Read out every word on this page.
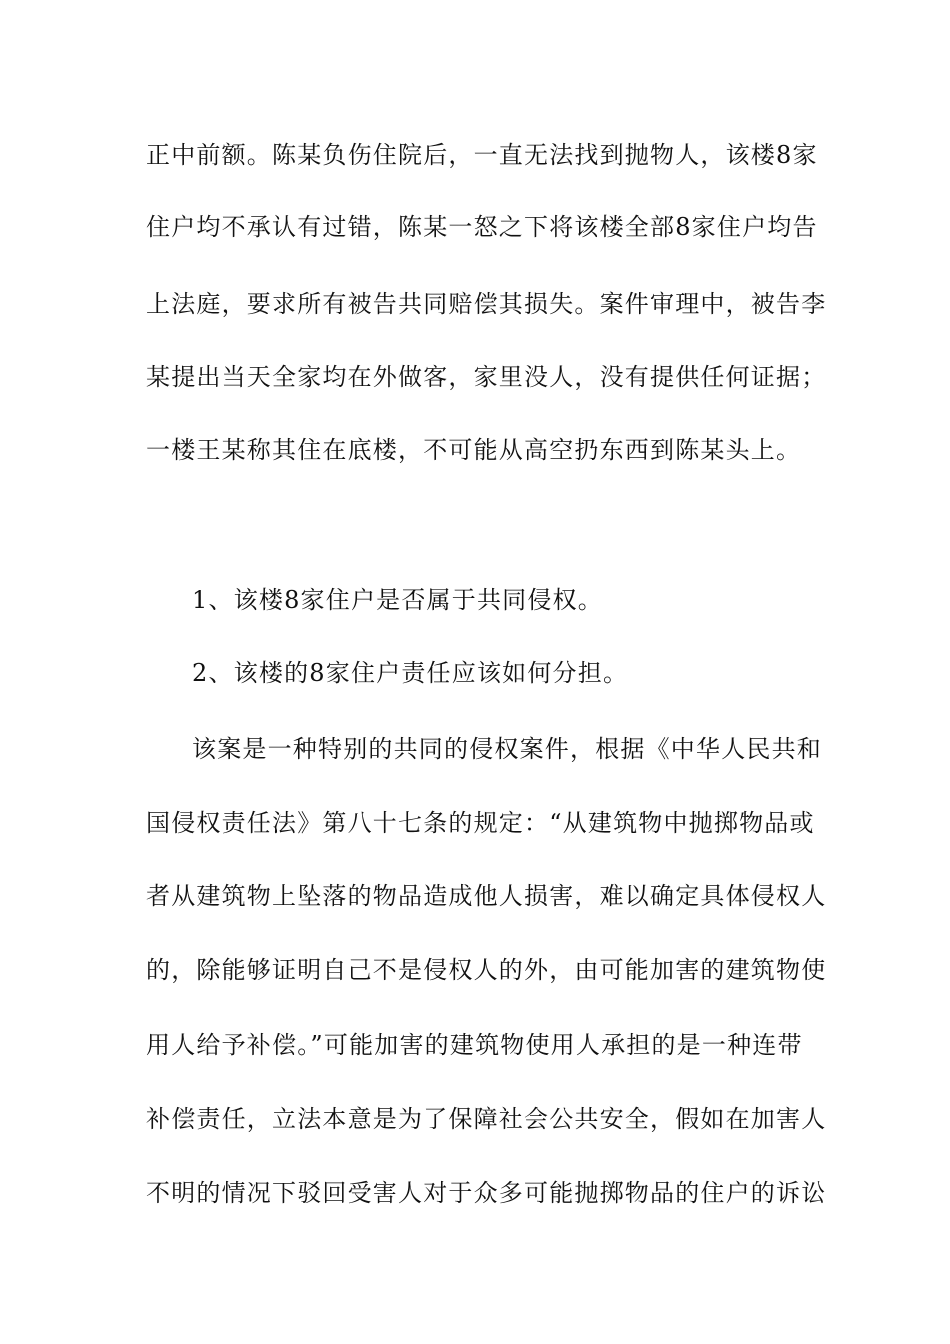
正中前额。陈某负伤住院后，一直无法找到抛物人，该楼8家
住户均不承认有过错，陈某一怒之下将该楼全部8家住户均告
上法庭，要求所有被告共同赔偿其损失。案件审理中，被告李
某提出当天全家均在外做客，家里没人，没有提供任何证据；
一楼王某称其住在底楼，不可能从高空扔东西到陈某头上。
1、该楼8家住户是否属于共同侵权。
2、该楼的8家住户责任应该如何分担。
该案是一种特别的共同的侵权案件，根据《中华人民共和
国侵权责任法》第八十七条的规定：“从建筑物中抛掷物品或
者从建筑物上坠落的物品造成他人损害，难以确定具体侵权人
的，除能够证明自己不是侵权人的外，由可能加害的建筑物使
用人给予补偿。”可能加害的建筑物使用人承担的是一种连带
补偿责任，立法本意是为了保障社会公共安全，假如在加害人
不明的情况下驳回受害人对于众多可能抛掷物品的住户的诉讼
